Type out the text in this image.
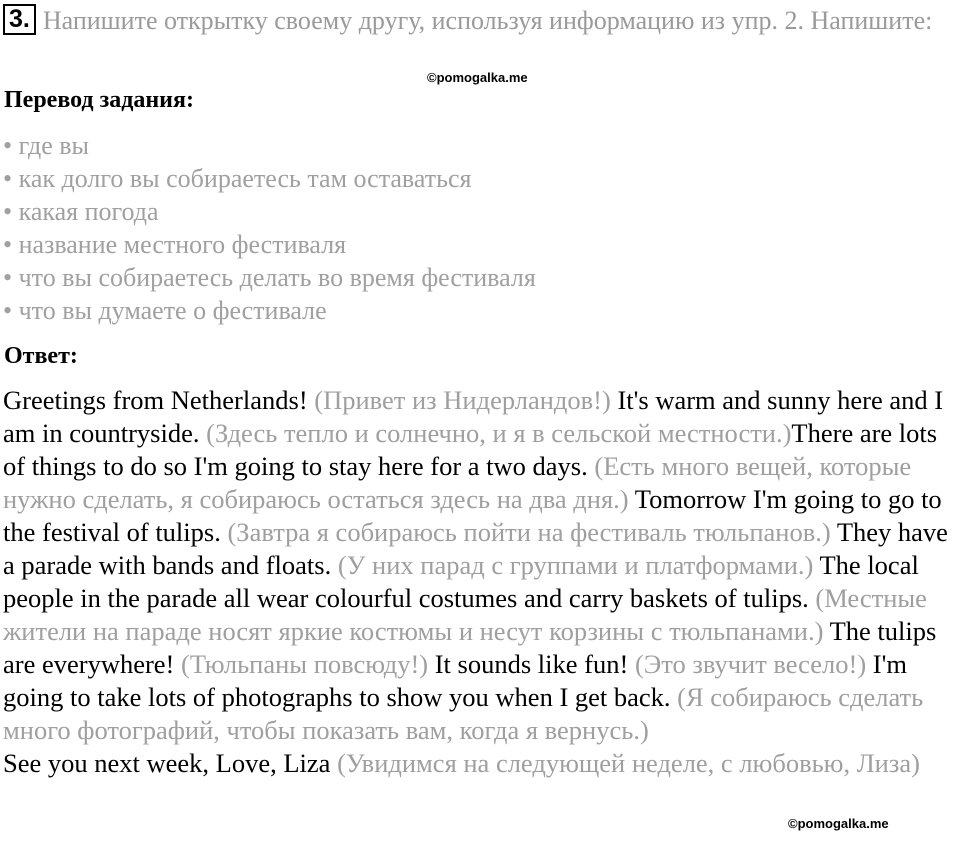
3. Напишите открытку своему другу, используя информацию из упр. 2. Напишите:

©pomogalka.me

Перевод задания:

• где вы
• как долго вы собираетесь там оставаться
• какая погода
• название местного фестиваля
• что вы собираетесь делать во время фестиваля
• что вы думаете о фестивале

Ответ:

Greetings from Netherlands! (Привет из Нидерландов!) It's warm and sunny here and I am in countryside. (Здесь тепло и солнечно, и я в сельской местности.)There are lots of things to do so I'm going to stay here for a two days. (Есть много вещей, которые нужно сделать, я собираюсь остаться здесь на два дня.) Tomorrow I'm going to go to the festival of tulips. (Завтра я собираюсь пойти на фестиваль тюльпанов.) They have a parade with bands and floats. (У них парад с группами и платформами.) The local people in the parade all wear colourful costumes and carry baskets of tulips. (Местные жители на параде носят яркие костюмы и несут корзины с тюльпанами.) The tulips are everywhere! (Тюльпаны повсюду!) It sounds like fun! (Это звучит весело!) I'm going to take lots of photographs to show you when I get back. (Я собираюсь сделать много фотографий, чтобы показать вам, когда я вернусь.)
See you next week, Love, Liza (Увидимся на следующей неделе, с любовью, Лиза)

©pomogalka.me
